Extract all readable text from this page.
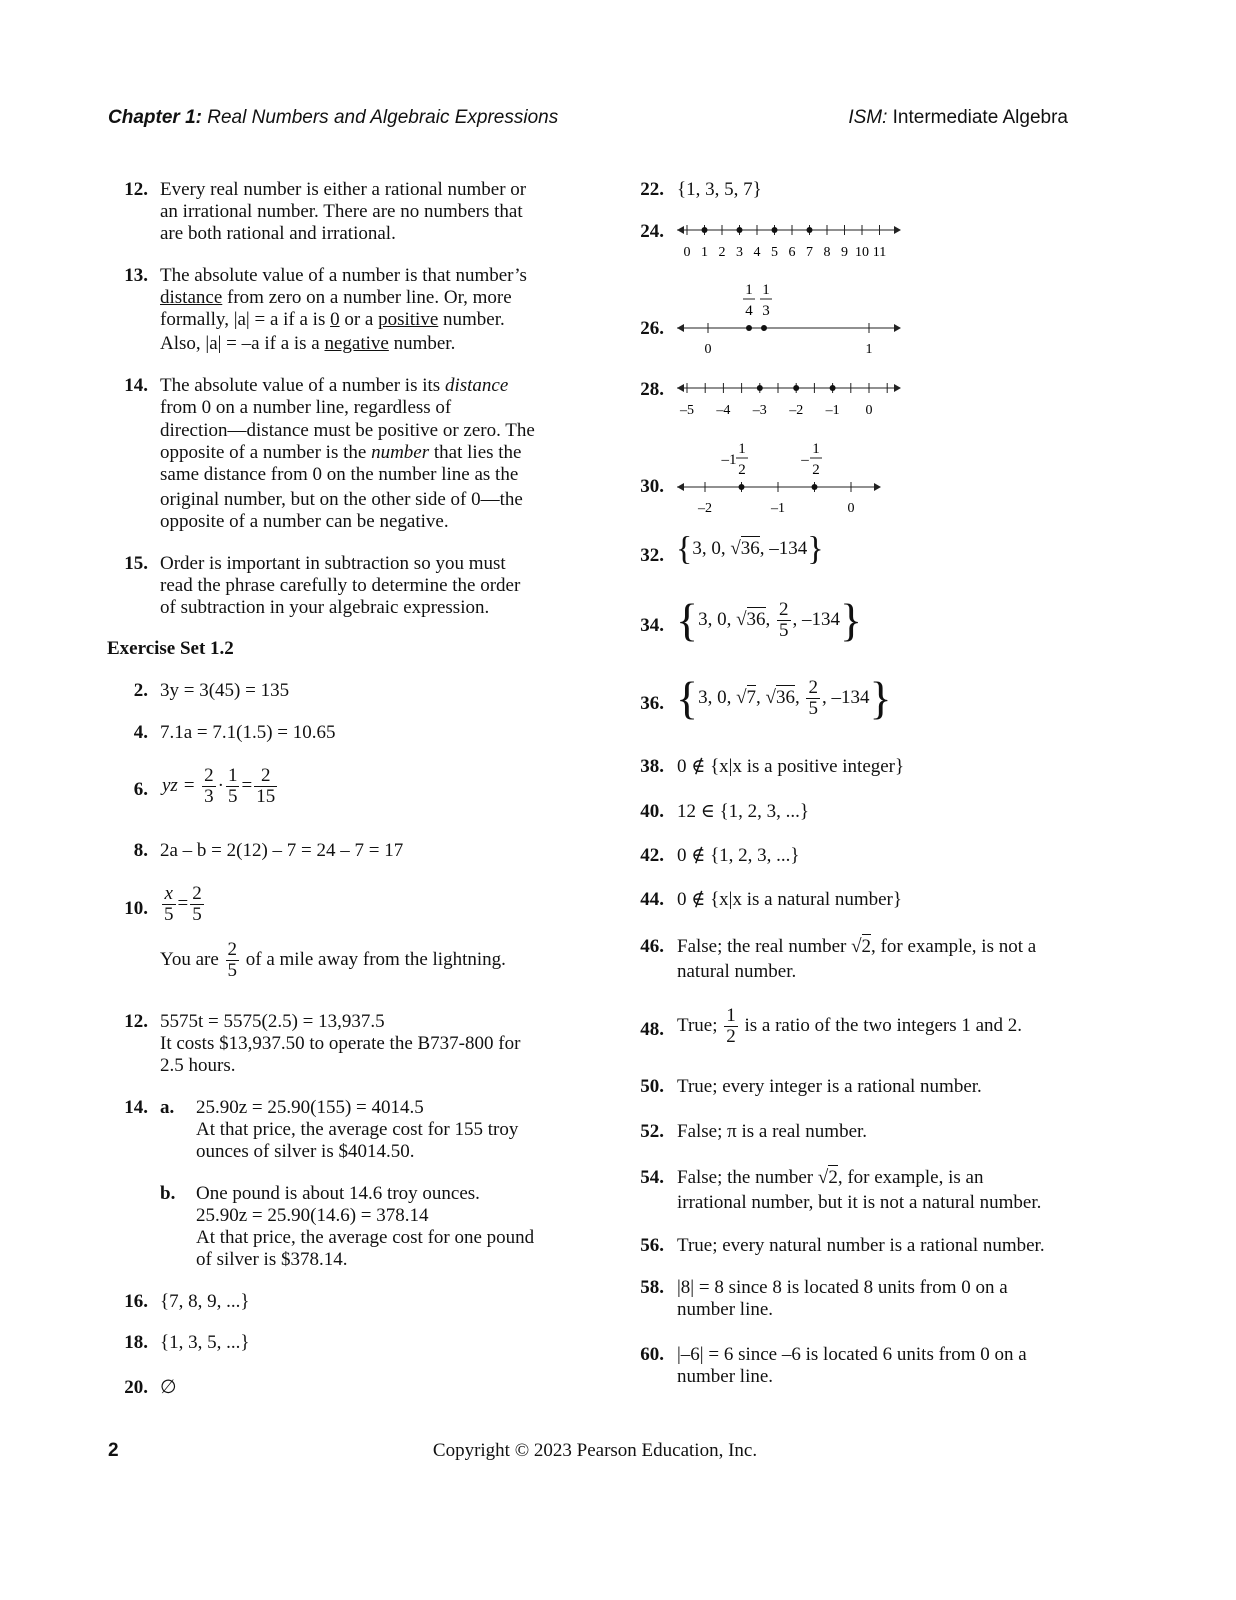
Chapter 1: Real Numbers and Algebraic Expressions	ISM: Intermediate Algebra
12. Every real number is either a rational number or
an irrational number. There are no numbers that
are both rational and irrational.
13. The absolute value of a number is that number’s
distance from zero on a number line. Or, more
formally, |a| = a if a is 0 or a positive number.
Also, |a| = –a if a is a negative number.
14. The absolute value of a number is its distance
from 0 on a number line, regardless of
direction—distance must be positive or zero. The
opposite of a number is the number that lies the
same distance from 0 on the number line as the
original number, but on the other side of 0—the
opposite of a number can be negative.
15. Order is important in subtraction so you must
read the phrase carefully to determine the order
of subtraction in your algebraic expression.
Exercise Set 1.2
2. 3y = 3(45) = 135
4. 7.1a = 7.1(1.5) = 10.65
6. yz = $\frac{2}{3} \cdot \frac{1}{5} = \frac{2}{15}$
8. 2a – b = 2(12) – 7 = 24 – 7 = 17
10. $\frac{x}{5} = \frac{2}{5}$
You are $\frac{2}{5}$ of a mile away from the lightning.
12. 5575t = 5575(2.5) = 13,937.5
It costs $13,937.50 to operate the B737-800 for
2.5 hours.
14. a. 25.90z = 25.90(155) = 4014.5
At that price, the average cost for 155 troy
ounces of silver is $4014.50.
b. One pound is about 14.6 troy ounces.
25.90z = 25.90(14.6) = 378.14
At that price, the average cost for one pound
of silver is $378.14.
16. {7, 8, 9, ...}
18. {1, 3, 5, ...}
20. ∅
22. {1, 3, 5, 7}
24.
0 1 2 3 4 5 6 7 8 9 10 11
26.
1
4
1
3
0	1
28.
–5 –4 –3 –2 –1 0
30.
–1
1
2
–
1
2
–2	–1	0
32. {3, 0, √36, –134}
34. {3, 0, √36, $\frac{2}{5}$ , –134}
36. {3, 0, √7, √36, $\frac{2}{5}$ , –134}
38. 0 ∉ {x|x is a positive integer}
40. 12 ∈ {1, 2, 3, ...}
42. 0 ∉ {1, 2, 3, ...}
44. 0 ∉ {x|x is a natural number}
46. False; the real number √2, for example, is not a
natural number.
48. True; $\frac{1}{2}$ is a ratio of the two integers 1 and 2.
50. True; every integer is a rational number.
52. False; π is a real number.
54. False; the number √2, for example, is an
irrational number, but it is not a natural number.
56. True; every natural number is a rational number.
58. |8| = 8 since 8 is located 8 units from 0 on a
number line.
60. |–6| = 6 since –6 is located 6 units from 0 on a
number line.
2	Copyright © 2023 Pearson Education, Inc.
